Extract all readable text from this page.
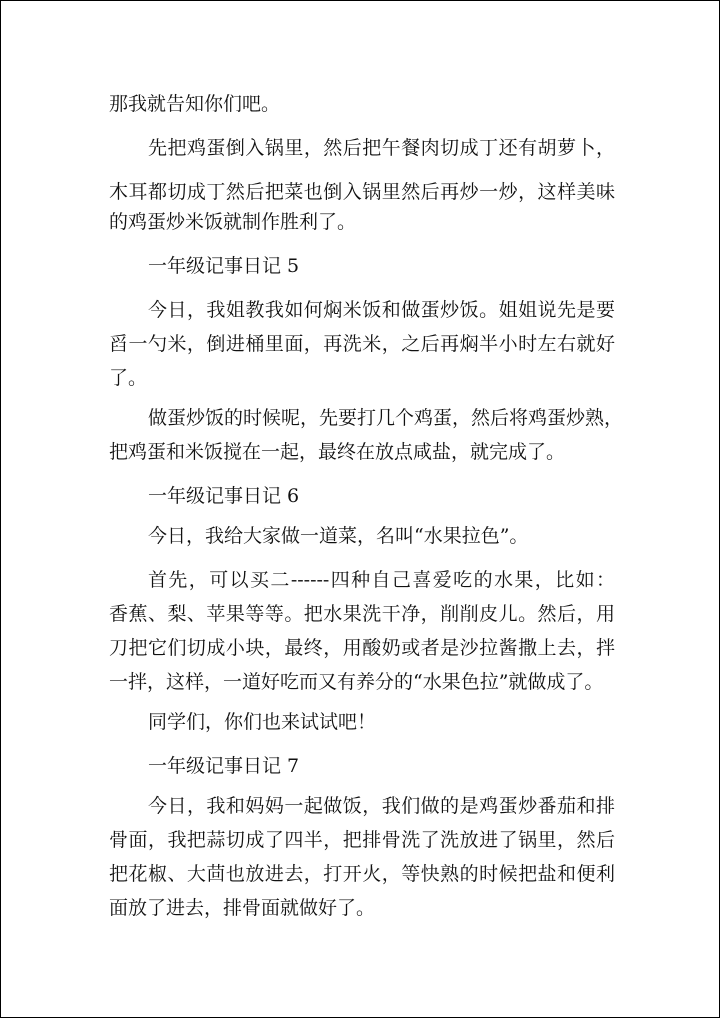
那我就告知你们吧。

先把鸡蛋倒入锅里，然后把午餐肉切成丁还有胡萝卜，

木耳都切成丁然后把菜也倒入锅里然后再炒一炒，这样美味

的鸡蛋炒米饭就制作胜利了。

一年级记事日记 5

今日，我姐教我如何焖米饭和做蛋炒饭。姐姐说先是要

舀一勺米，倒进桶里面，再洗米，之后再焖半小时左右就好

了。

做蛋炒饭的时候呢，先要打几个鸡蛋，然后将鸡蛋炒熟，

把鸡蛋和米饭搅在一起，最终在放点咸盐，就完成了。

一年级记事日记 6

今日，我给大家做一道菜，名叫“水果拉色”。

首先，可以买二------四种自己喜爱吃的水果，比如：

香蕉、梨、苹果等等。把水果洗干净，削削皮儿。然后，用

刀把它们切成小块，最终，用酸奶或者是沙拉酱撒上去，拌

一拌，这样，一道好吃而又有养分的“水果色拉”就做成了。

同学们，你们也来试试吧！

一年级记事日记 7

今日，我和妈妈一起做饭，我们做的是鸡蛋炒番茄和排

骨面，我把蒜切成了四半，把排骨洗了洗放进了锅里，然后

把花椒、大茴也放进去，打开火，等快熟的时候把盐和便利

面放了进去，排骨面就做好了。
